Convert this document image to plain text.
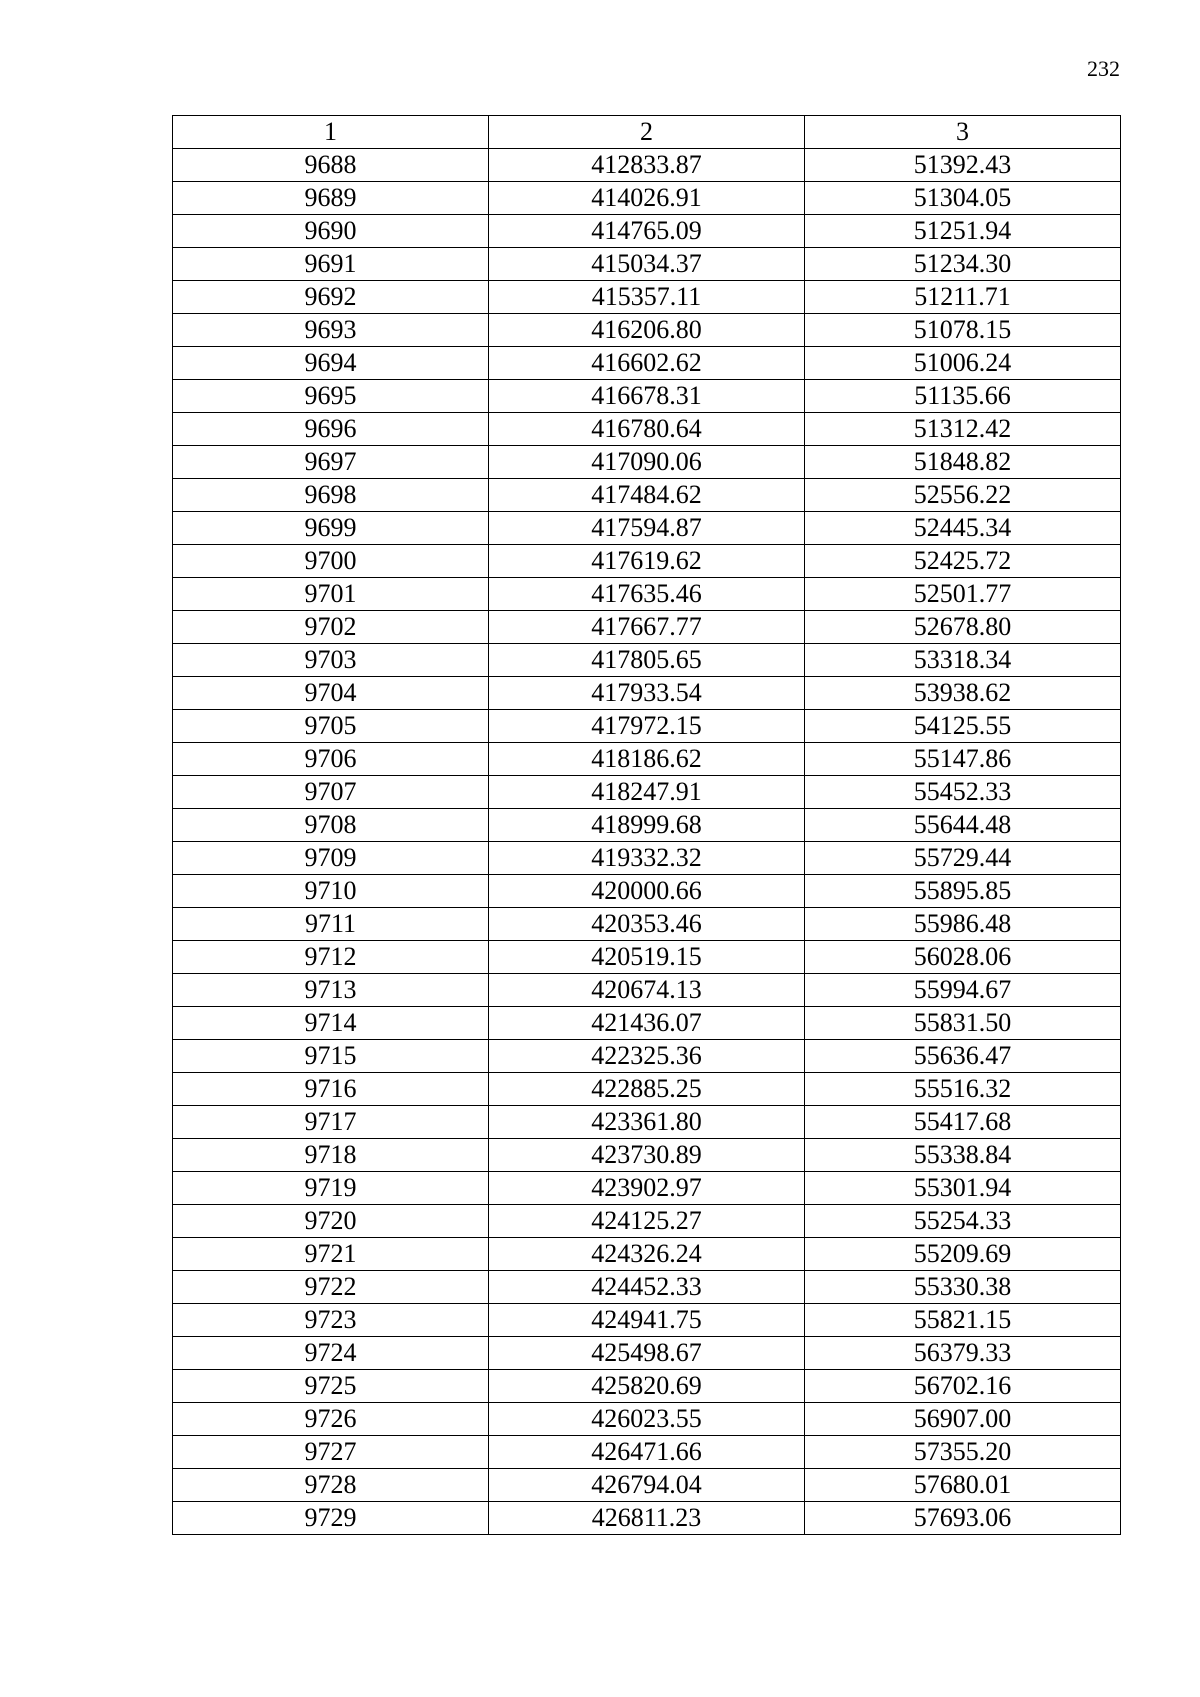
232
1	2	3
9688	412833.87	51392.43
9689	414026.91	51304.05
9690	414765.09	51251.94
9691	415034.37	51234.30
9692	415357.11	51211.71
9693	416206.80	51078.15
9694	416602.62	51006.24
9695	416678.31	51135.66
9696	416780.64	51312.42
9697	417090.06	51848.82
9698	417484.62	52556.22
9699	417594.87	52445.34
9700	417619.62	52425.72
9701	417635.46	52501.77
9702	417667.77	52678.80
9703	417805.65	53318.34
9704	417933.54	53938.62
9705	417972.15	54125.55
9706	418186.62	55147.86
9707	418247.91	55452.33
9708	418999.68	55644.48
9709	419332.32	55729.44
9710	420000.66	55895.85
9711	420353.46	55986.48
9712	420519.15	56028.06
9713	420674.13	55994.67
9714	421436.07	55831.50
9715	422325.36	55636.47
9716	422885.25	55516.32
9717	423361.80	55417.68
9718	423730.89	55338.84
9719	423902.97	55301.94
9720	424125.27	55254.33
9721	424326.24	55209.69
9722	424452.33	55330.38
9723	424941.75	55821.15
9724	425498.67	56379.33
9725	425820.69	56702.16
9726	426023.55	56907.00
9727	426471.66	57355.20
9728	426794.04	57680.01
9729	426811.23	57693.06
